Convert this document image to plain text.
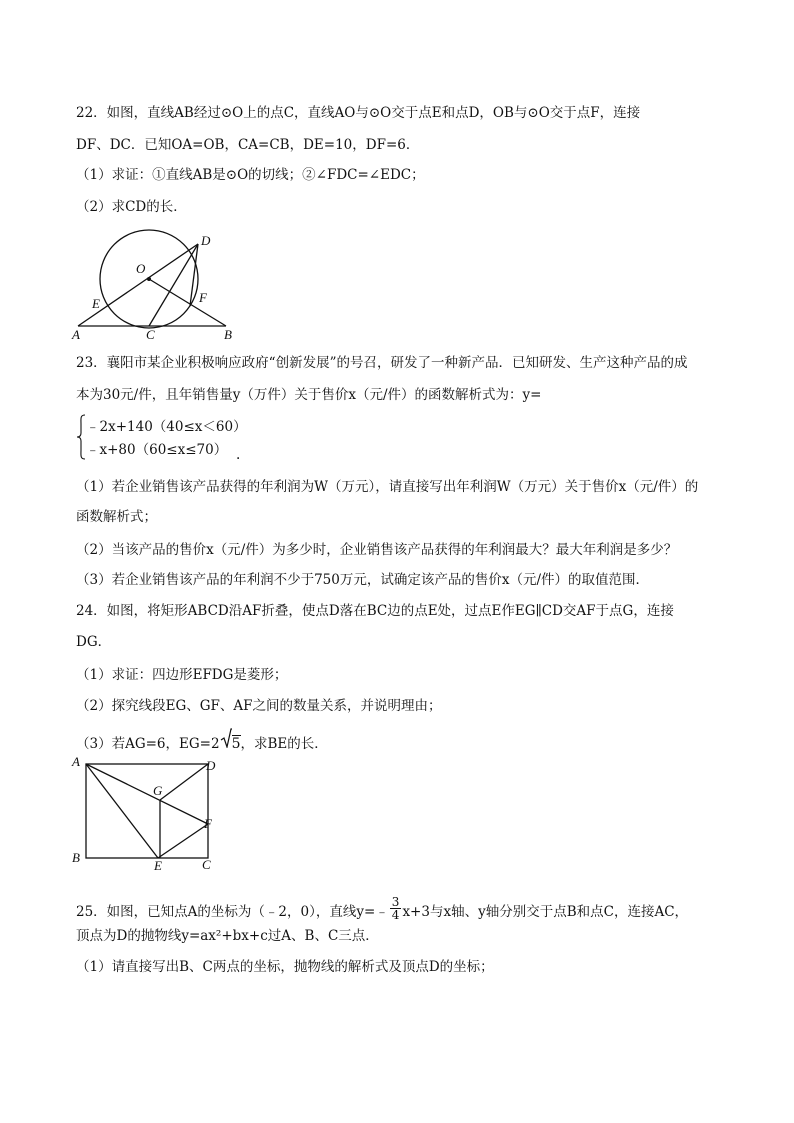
22．如图，直线AB经过⊙O上的点C，直线AO与⊙O交于点E和点D，OB与⊙O交于点F，连接
DF、DC．已知OA=OB，CA=CB，DE=10，DF=6．
（1）求证：①直线AB是⊙O的切线；②∠FDC=∠EDC；
（2）求CD的长．
D
O
E	F
A	C	B
23．襄阳市某企业积极响应政府“创新发展”的号召，研发了一种新产品．已知研发、生产这种产品的成
本为30元/件，且年销售量y（万件）关于售价x（元/件）的函数解析式为：y=
﹣2x+140（40≤x＜60）
﹣x+80（60≤x≤70） .
（1）若企业销售该产品获得的年利润为W（万元），请直接写出年利润W（万元）关于售价x（元/件）的
函数解析式；
（2）当该产品的售价x（元/件）为多少时，企业销售该产品获得的年利润最大？最大年利润是多少？
（3）若企业销售该产品的年利润不少于750万元，试确定该产品的售价x（元/件）的取值范围．
24．如图，将矩形ABCD沿AF折叠，使点D落在BC边的点E处，过点E作EG∥CD交AF于点G，连接
DG．
（1）求证：四边形EFDG是菱形；
（2）探究线段EG、GF、AF之间的数量关系，并说明理由；
（3）若AG=6，EG=2 5，求BE的长．
A	D
G
F
B
E	C
25．如图，已知点A的坐标为（﹣2，0），直线y=﹣ $\frac{3}{4} x+3$与x轴、y轴分别交于点B和点C，连接AC，
顶点为D的抛物线y=ax²+bx+c过A、B、C三点．
（1）请直接写出B、C两点的坐标，抛物线的解析式及顶点D的坐标；
